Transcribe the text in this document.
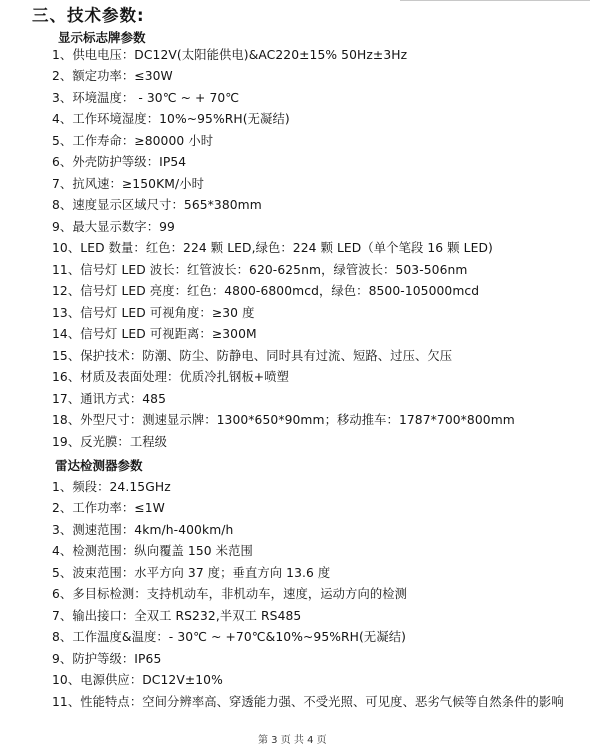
三、技术参数:
显示标志牌参数
1、供电电压：DC12V(太阳能供电)&AC220±15% 50Hz±3Hz
2、额定功率：≤30W
3、环境温度： - 30℃ ~ + 70℃
4、工作环境湿度：10%~95%RH(无凝结)
5、工作寿命：≥80000 小时
6、外壳防护等级：IP54
7、抗风速：≥150KM/小时
8、速度显示区域尺寸：565*380mm
9、最大显示数字：99
10、LED 数量：红色：224 颗 LED,绿色：224 颗 LED（单个笔段 16 颗 LED)
11、信号灯 LED 波长：红管波长：620-625nm，绿管波长：503-506nm
12、信号灯 LED 亮度：红色：4800-6800mcd，绿色：8500-105000mcd
13、信号灯 LED 可视角度：≥30 度
14、信号灯 LED 可视距离：≥300M
15、保护技术：防潮、防尘、防静电、同时具有过流、短路、过压、欠压
16、材质及表面处理：优质冷扎钢板+喷塑
17、通讯方式：485
18、外型尺寸：测速显示牌：1300*650*90mm；移动推车：1787*700*800mm
19、反光膜：工程级
雷达检测器参数
1、频段：24.15GHz
2、工作功率：≤1W
3、测速范围：4km/h-400km/h
4、检测范围：纵向覆盖 150 米范围
5、波束范围：水平方向 37 度；垂直方向 13.6 度
6、多目标检测：支持机动车，非机动车，速度，运动方向的检测
7、输出接口：全双工 RS232,半双工 RS485
8、工作温度&温度：- 30℃ ~ +70℃&10%~95%RH(无凝结)
9、防护等级：IP65
10、电源供应：DC12V±10%
11、性能特点：空间分辨率高、穿透能力强、不受光照、可见度、恶劣气候等自然条件的影响
第 3 页 共 4 页
